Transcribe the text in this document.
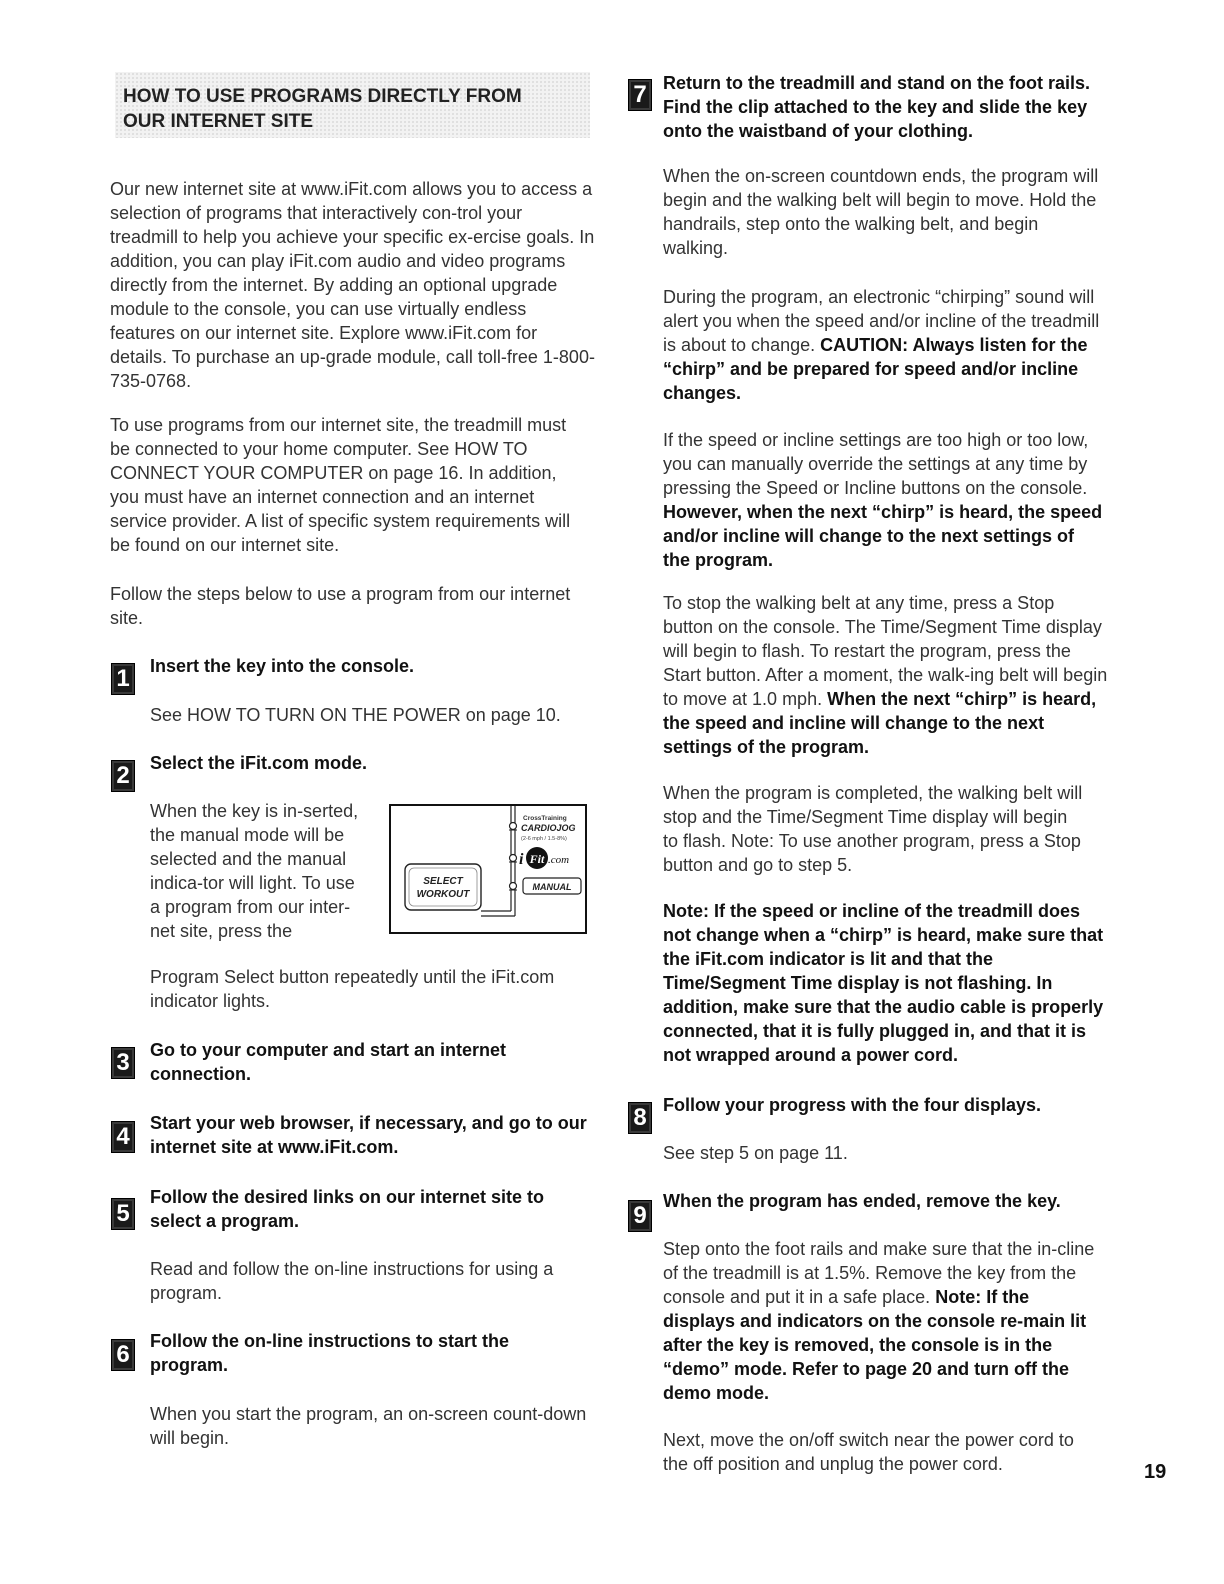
HOW TO USE PROGRAMS DIRECTLY FROM
OUR INTERNET SITE

Our new internet site at www.iFit.com allows you to access a selection of programs that interactively con-trol your treadmill to help you achieve your specific ex-ercise goals. In addition, you can play iFit.com audio and video programs directly from the internet. By adding an optional upgrade module to the console, you can use virtually endless features on our internet site. Explore www.iFit.com for details. To purchase an up-grade module, call toll-free 1-800-735-0768.

To use programs from our internet site, the treadmill must be connected to your home computer. See HOW TO CONNECT YOUR COMPUTER on page 16. In addition, you must have an internet connection and an internet service provider. A list of specific system requirements will be found on our internet site.

Follow the steps below to use a program from our internet site.

1 Insert the key into the console.

See HOW TO TURN ON THE POWER on page 10.

2 Select the iFit.com mode.

When the key is in-serted, the manual mode will be selected and the manual indica-tor will light. To use a program from our inter-net site, press the

Program Select button repeatedly until the iFit.com indicator lights.

SELECT
WORKOUT
CrossTraining
CARDIOJOG
(2-6 mph / 1.5-8%)
i Fit .com
MANUAL
3 Go to your computer and start an internet connection.
4 Start your web browser, if necessary, and go to our internet site at www.iFit.com.
5
Follow the desired links on our internet site to select a program.

Read and follow the on-line instructions for using a program.

6 Follow the on-line instructions to start the program.

When you start the program, an on-screen count-down will begin.

7 Return to the treadmill and stand on the foot rails. Find the clip attached to the key and slide the key onto the waistband of your clothing.

When the on-screen countdown ends, the program will begin and the walking belt will begin to move. Hold the handrails, step onto the walking belt, and begin walking.

During the program, an electronic “chirping” sound will alert you when the speed and/or incline of the treadmill is about to change. CAUTION: Always listen for the “chirp” and be prepared for speed and/or incline changes.

If the speed or incline settings are too high or too low, you can manually override the settings at any time by pressing the Speed or Incline buttons on the console. However, when the next “chirp” is heard, the speed and/or incline will change to the next settings of the program.

To stop the walking belt at any time, press a Stop button on the console. The Time/Segment Time display will begin to flash. To restart the program, press the Start button. After a moment, the walk-ing belt will begin to move at 1.0 mph. When the next “chirp” is heard, the speed and incline will change to the next settings of the program.

When the program is completed, the walking belt will stop and the Time/Segment Time display will begin to flash. Note: To use another program, press a Stop button and go to step 5.

Note: If the speed or incline of the treadmill does not change when a “chirp” is heard, make sure that the iFit.com indicator is lit and that the Time/Segment Time display is not flashing. In addition, make sure that the audio cable is properly connected, that it is fully plugged in, and that it is not wrapped around a power cord.

8 Follow your progress with the four displays.

See step 5 on page 11.

9
When the program has ended, remove the key.

Step onto the foot rails and make sure that the in-cline of the treadmill is at 1.5%. Remove the key from the console and put it in a safe place. Note: If the displays and indicators on the console re-main lit after the key is removed, the console is in the “demo” mode. Refer to page 20 and turn off the demo mode.

Next, move the on/off switch near the power cord to the off position and unplug the power cord.	19
